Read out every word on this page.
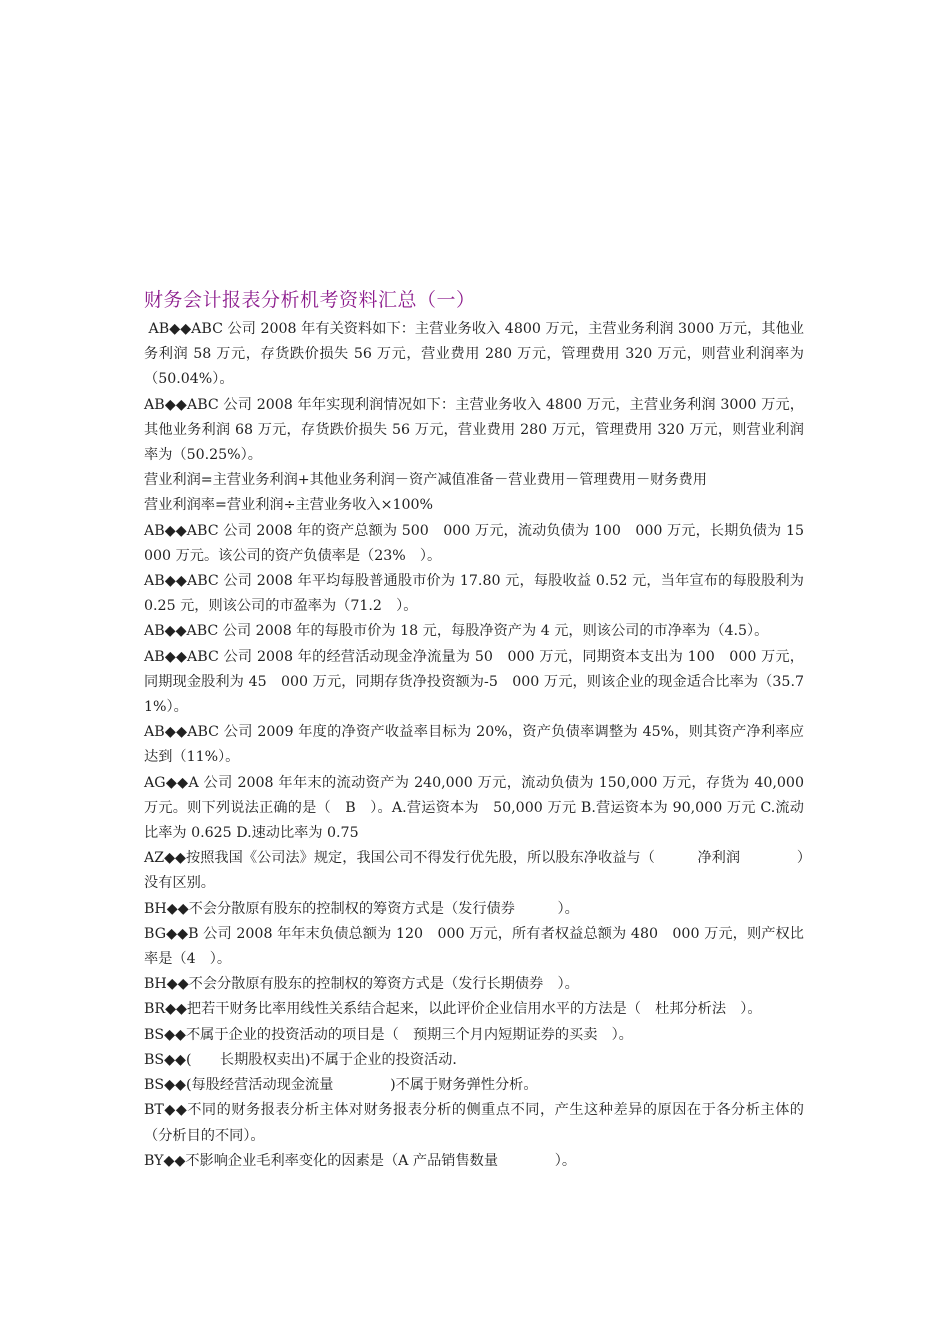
财务会计报表分析机考资料汇总（一）

AB◆◆ABC 公司 2008 年有关资料如下：主营业务收入 4800 万元，主营业务利润 3000 万元，其他业务利润 58 万元，存货跌价损失 56 万元，营业费用 280 万元，管理费用 320 万元，则营业利润率为（50.04%）。

AB◆◆ABC 公司 2008 年年实现利润情况如下：主营业务收入 4800 万元，主营业务利润 3000 万元，其他业务利润 68 万元，存货跌价损失 56 万元，营业费用 280 万元，管理费用 320 万元，则营业利润率为（50.25%）。

营业利润=主营业务利润+其他业务利润－资产减值准备－营业费用－管理费用－财务费用

营业利润率=营业利润÷主营业务收入×100%

AB◆◆ABC 公司 2008 年的资产总额为 500　000 万元，流动负债为 100　000 万元，长期负债为 15　000 万元。该公司的资产负债率是（23%　）。

AB◆◆ABC 公司 2008 年平均每股普通股市价为 17.80 元，每股收益 0.52 元，当年宣布的每股股利为 0.25 元，则该公司的市盈率为（71.2　）。

AB◆◆ABC 公司 2008 年的每股市价为 18 元，每股净资产为 4 元，则该公司的市净率为（4.5）。

AB◆◆ABC 公司 2008 年的经营活动现金净流量为 50　000 万元，同期资本支出为 100　000 万元，同期现金股利为 45　000 万元，同期存货净投资额为-5　000 万元，则该企业的现金适合比率为（35.71%）。

AB◆◆ABC 公司 2009 年度的净资产收益率目标为 20%，资产负债率调整为 45%，则其资产净利率应达到（11%）。

AG◆◆A 公司 2008 年年末的流动资产为 240,000 万元，流动负债为 150,000 万元，存货为 40,000 万元。则下列说法正确的是（　B　）。A.营运资本为　50,000 万元 B.营运资本为 90,000 万元 C.流动比率为 0.625 D.速动比率为 0.75

AZ◆◆按照我国《公司法》规定，我国公司不得发行优先股，所以股东净收益与（　　　净利润　　　　）没有区别。

BH◆◆不会分散原有股东的控制权的筹资方式是（发行债券　　　）。

BG◆◆B 公司 2008 年年末负债总额为 120　000 万元，所有者权益总额为 480　000 万元，则产权比率是（4　）。

BH◆◆不会分散原有股东的控制权的筹资方式是（发行长期债券　）。

BR◆◆把若干财务比率用线性关系结合起来，以此评价企业信用水平的方法是（　杜邦分析法　）。

BS◆◆不属于企业的投资活动的项目是（　预期三个月内短期证券的买卖　）。

BS◆◆(　　长期股权卖出)不属于企业的投资活动．

BS◆◆(每股经营活动现金流量　　　　)不属于财务弹性分析。

BT◆◆不同的财务报表分析主体对财务报表分析的侧重点不同，产生这种差异的原因在于各分析主体的（分析目的不同）。

BY◆◆不影响企业毛利率变化的因素是（A 产品销售数量　　　　）。
